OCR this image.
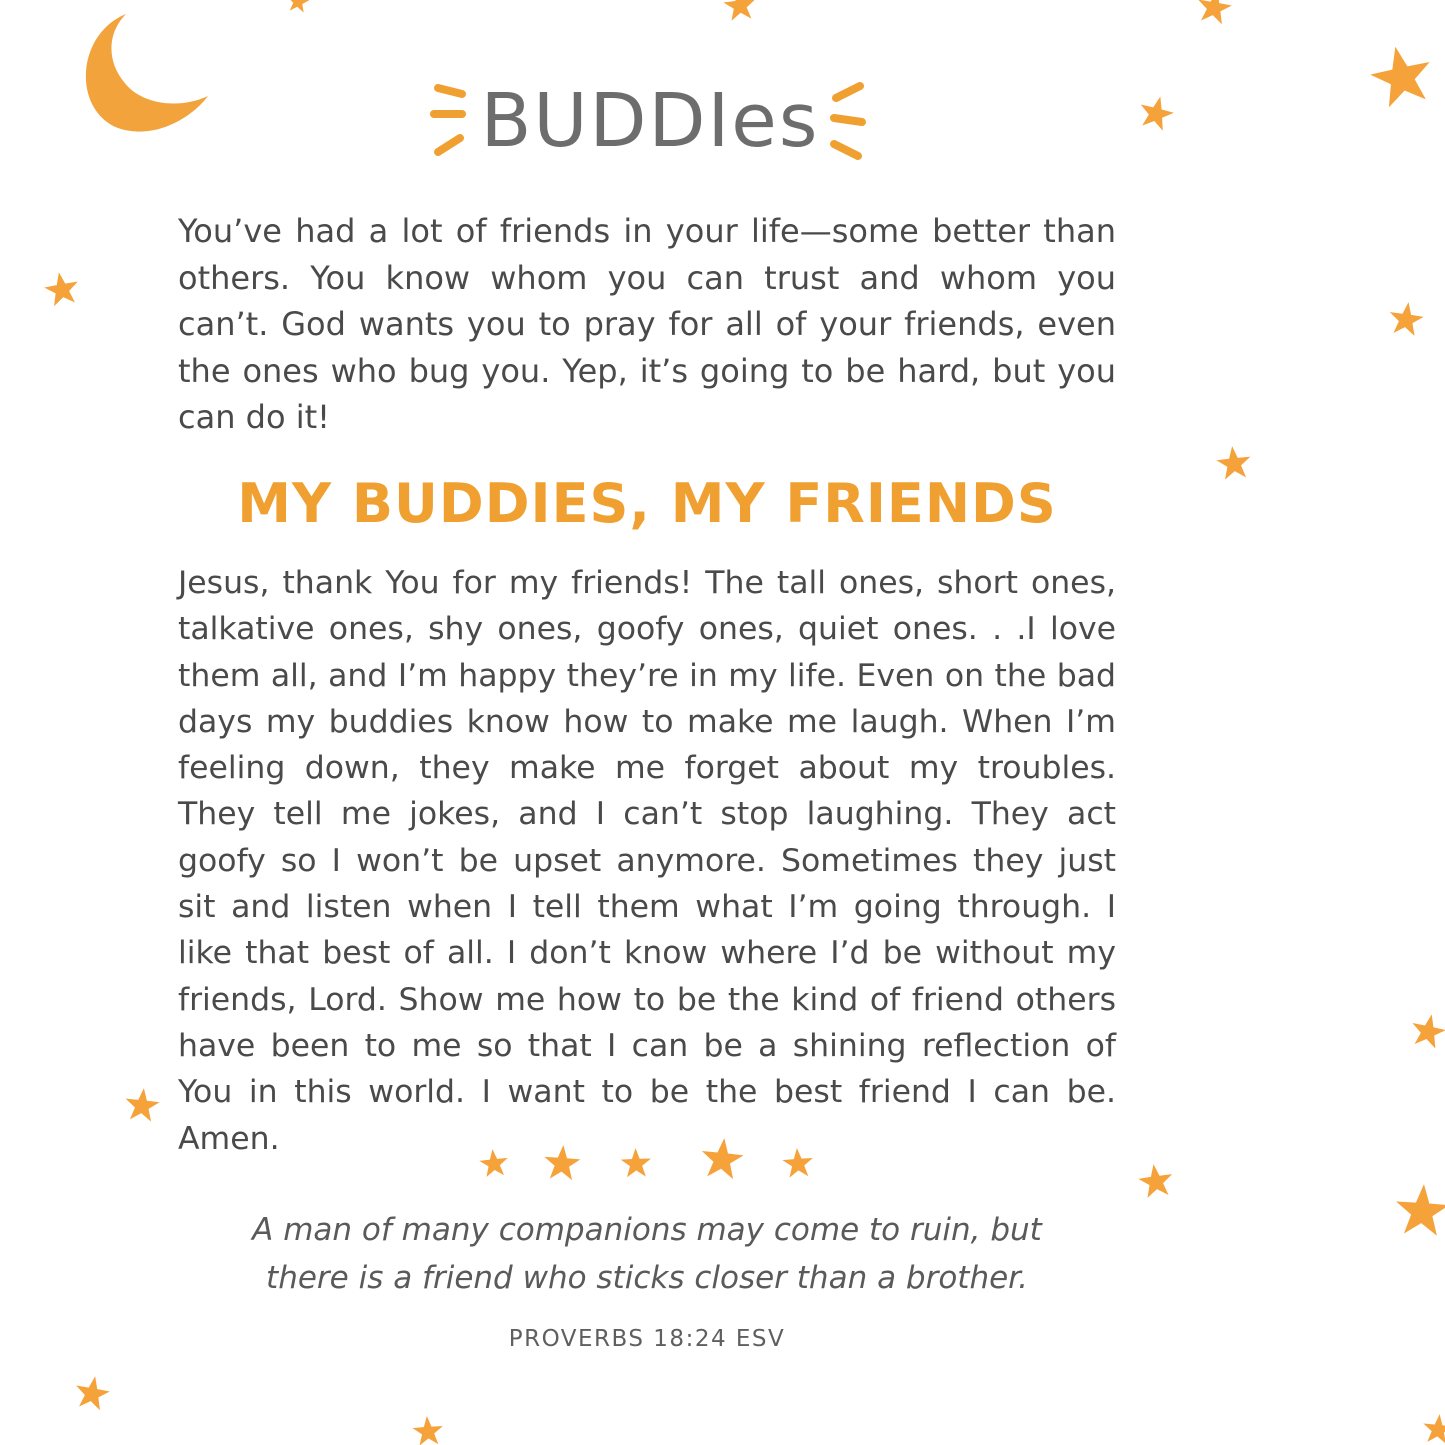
BUDDIes

You’ve had a lot of friends in your life—some better than others. You know whom you can trust and whom you can’t. God wants you to pray for all of your friends, even the ones who bug you. Yep, it’s going to be hard, but you can do it!

MY BUDDIES, MY FRIENDS

Jesus, thank You for my friends! The tall ones, short ones, talkative ones, shy ones, goofy ones, quiet ones. . .I love them all, and I’m happy they’re in my life. Even on the bad days my buddies know how to make me laugh. When I’m feeling down, they make me forget about my troubles. They tell me jokes, and I can’t stop laughing. They act goofy so I won’t be upset anymore. Sometimes they just sit and listen when I tell them what I’m going through. I like that best of all. I don’t know where I’d be without my friends, Lord. Show me how to be the kind of friend others have been to me so that I can be a shining reflection of You in this world. I want to be the best friend I can be. Amen.

A man of many companions may come to ruin, but
there is a friend who sticks closer than a brother.

PROVERBS 18:24 ESV
